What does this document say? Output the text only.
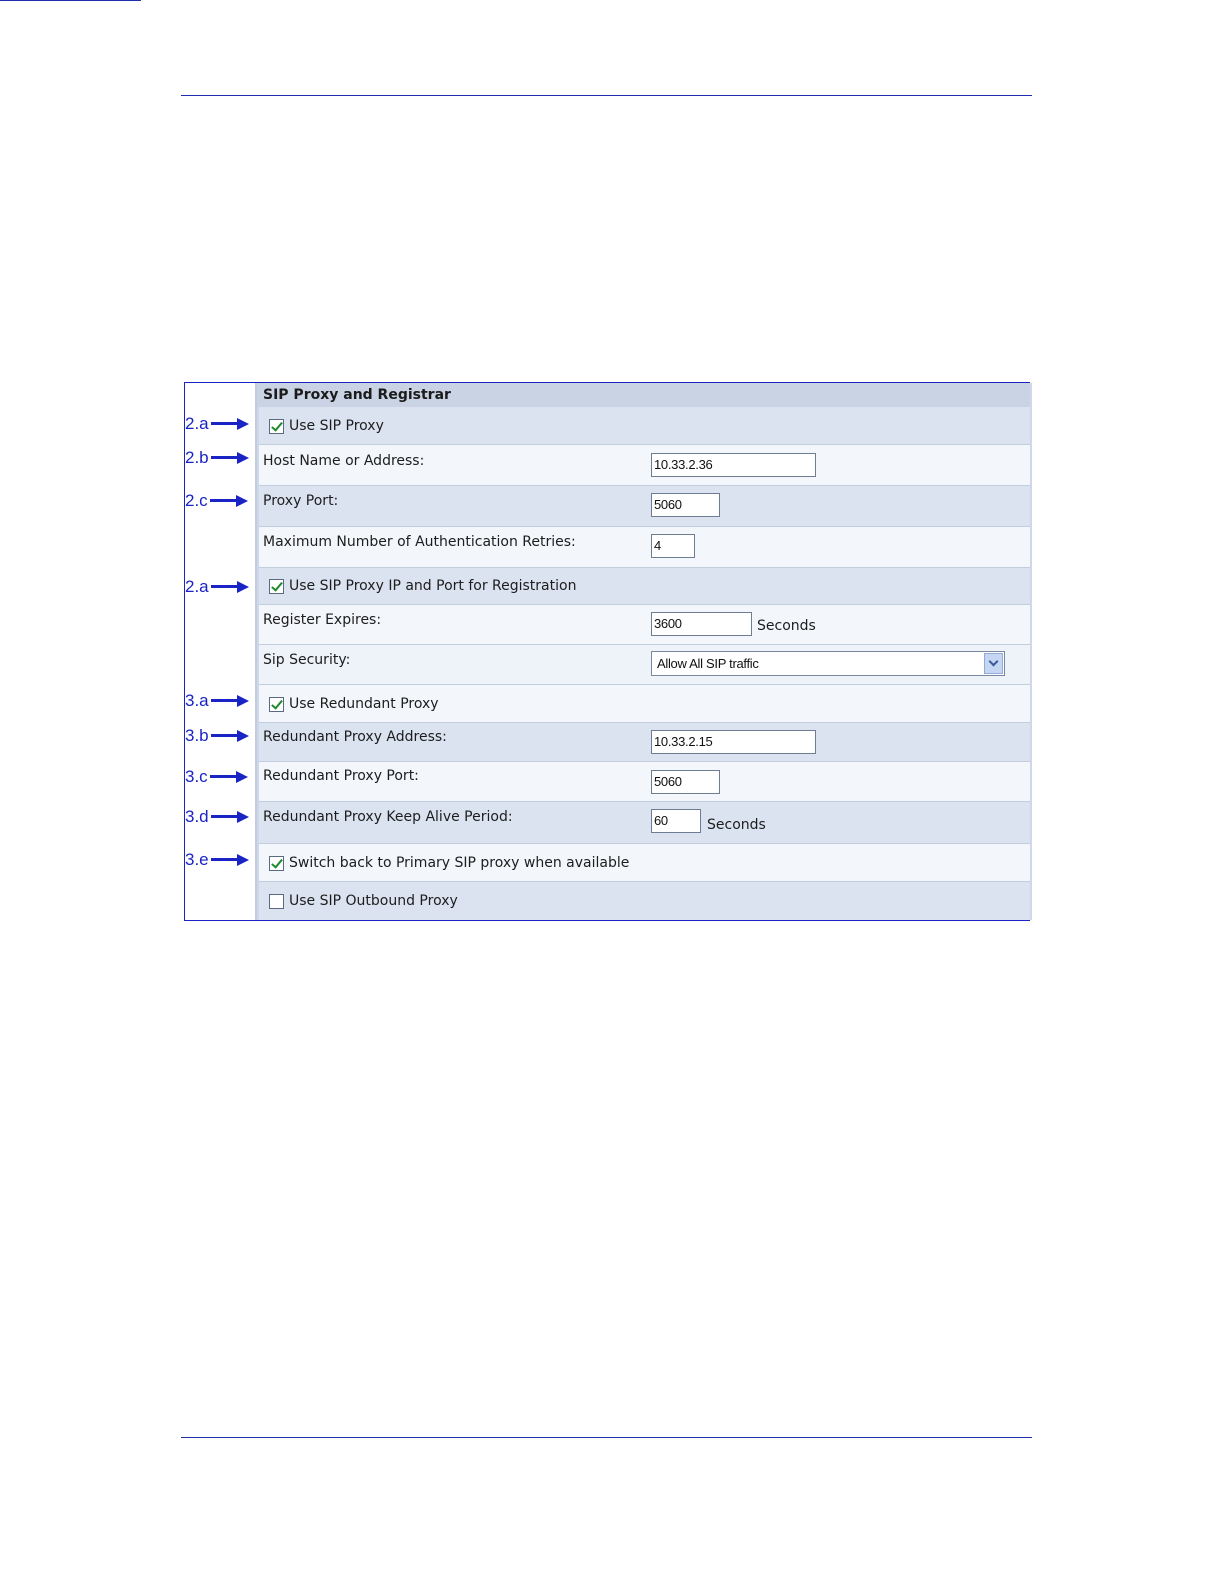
2.a
2.b
2.c
2.a
3.a
3.b
3.c
3.d
3.e
SIP Proxy and Registrar
Use SIP Proxy
Host Name or Address:	10.33.2.36
Proxy Port:	5060
Maximum Number of Authentication Retries:	4
Use SIP Proxy IP and Port for Registration
Register Expires:	3600	Seconds
Sip Security:	Allow All SIP traffic
Use Redundant Proxy
Redundant Proxy Address:	10.33.2.15
Redundant Proxy Port:	5060
Redundant Proxy Keep Alive Period:	60	Seconds
Switch back to Primary SIP proxy when available
Use SIP Outbound Proxy
